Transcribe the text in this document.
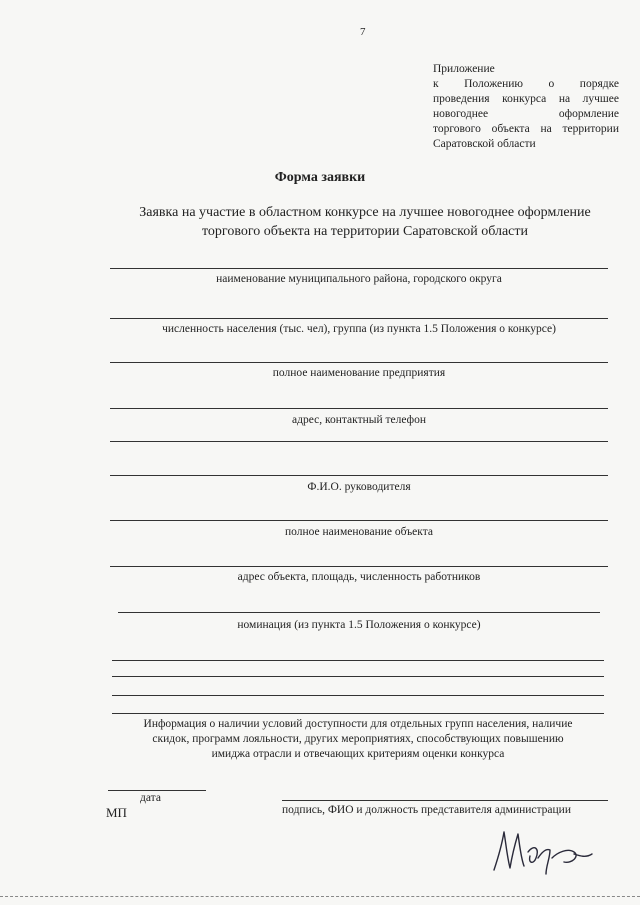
7
Приложение
к Положению о порядке
проведения конкурса на лучшее
новогоднее оформление
торгового объекта на территории
Саратовской области
Форма заявки
Заявка на участие в областном конкурсе на лучшее новогоднее оформление
торгового объекта на территории Саратовской области
наименование муниципального района, городского округа
численность населения (тыс. чел), группа (из пункта 1.5 Положения о конкурсе)
полное наименование предприятия
адрес, контактный телефон
Ф.И.О. руководителя
полное наименование объекта
адрес объекта, площадь, численность работников
номинация (из пункта 1.5 Положения о конкурсе)
Информация о наличии условий доступности для отдельных групп населения, наличие
скидок, программ лояльности, других мероприятиях, способствующих повышению
имиджа отрасли и отвечающих критериям оценки конкурса
дата
МП	подпись, ФИО и должность представителя администрации
